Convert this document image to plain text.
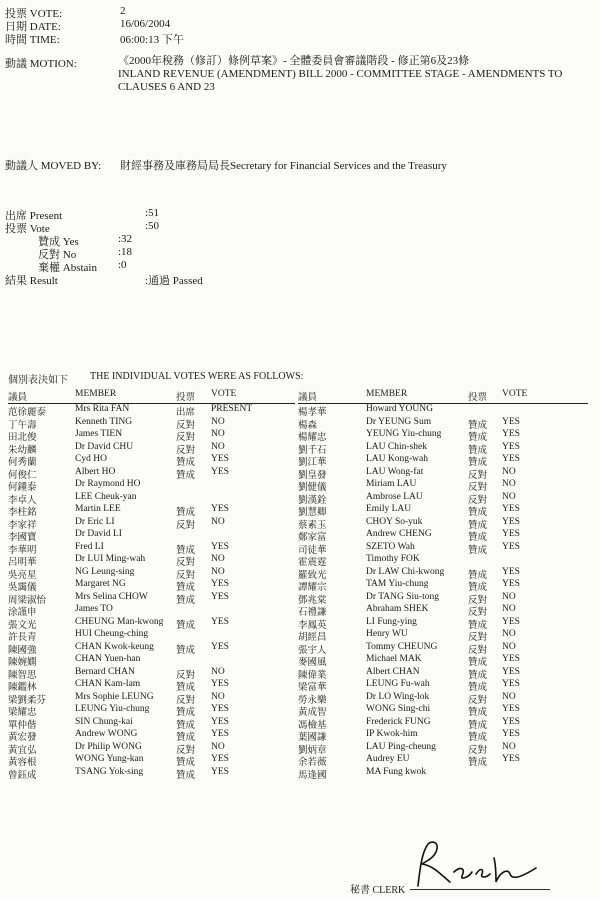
投票 VOTE:	2
日期 DATE:	16/06/2004
時間 TIME:	06:00:13 下午
動議 MOTION:	《2000年稅務（修訂）條例草案》- 全體委員會審議階段 - 修正第6及23條
INLAND REVENUE (AMENDMENT) BILL 2000 - COMMITTEE STAGE - AMENDMENTS TO CLAUSES 6 AND 23
動議人 MOVED BY: 財經事務及庫務局局長Secretary for Financial Services and the Treasury
出席 Present	:51
投票 Vote	:50
贊成 Yes	:32
反對 No	:18
棄權 Abstain :0
結果 Result	:通過 Passed
個別表決如下 THE INDIVIDUAL VOTES WERE AS FOLLOWS:
議員	MEMBER	投票 VOTE
范徐麗泰	Mrs Rita FAN	出席 PRESENT
丁午壽	Kenneth TING	反對 NO
田北俊	James TIEN	反對 NO
朱幼麟	Dr David CHU	反對 NO
何秀蘭	Cyd HO	贊成 YES
何俊仁	Albert HO	贊成 YES
何鍾泰	Dr Raymond HO
李卓人	LEE Cheuk-yan
李柱銘	Martin LEE	贊成 YES
李家祥	Dr Eric LI	反對 NO
李國寶	Dr David LI
李華明	Fred LI	贊成 YES
呂明華	Dr LUI Ming-wah	反對 NO
吳亮星	NG Leung-sing	反對 NO
吳靄儀	Margaret NG	贊成 YES
周梁淑怡	Mrs Selina CHOW	贊成 YES
涂謹申	James TO
張文光	CHEUNG Man-kwong 贊成 YES
許長青	HUI Cheung-ching
陳國強	CHAN Kwok-keung 贊成 YES
陳婉嫻	CHAN Yuen-han
陳智思	Bernard CHAN	反對 NO
陳鑑林	CHAN Kam-lam	贊成 YES
梁劉柔芬	Mrs Sophie LEUNG 反對 NO
梁耀忠	LEUNG Yiu-chung	贊成 YES
單仲偕	SIN Chung-kai	贊成 YES
黃宏發	Andrew WONG	贊成 YES
黃宜弘	Dr Philip WONG	反對 NO
黃容根	WONG Yung-kan	贊成 YES
曾鈺成	TSANG Yok-sing	贊成 YES
議員	MEMBER	投票 VOTE
楊孝華	Howard YOUNG
楊森	Dr YEUNG Sum	贊成 YES
楊耀忠	YEUNG Yiu-chung	贊成 YES
劉千石	LAU Chin-shek	贊成 YES
劉江華	LAU Kong-wah	贊成 YES
劉皇發	LAU Wong-fat	反對 NO
劉健儀	Miriam LAU	反對 NO
劉漢銓	Ambrose LAU	反對 NO
劉慧卿	Emily LAU	贊成 YES
蔡素玉	CHOY So-yuk	贊成 YES
鄭家富	Andrew CHENG	贊成 YES
司徒華	SZETO Wah	贊成 YES
霍震霆	Timothy FOK
羅致光	Dr LAW Chi-kwong	贊成 YES
譚耀宗	TAM Yiu-chung	贊成 YES
鄧兆棠	Dr TANG Siu-tong	反對 NO
石禮謙	Abraham SHEK	反對 NO
李鳳英	LI Fung-ying	贊成 YES
胡經昌	Henry WU	反對 NO
張宇人	Tommy CHEUNG	反對 NO
麥國風	Michael MAK	贊成 YES
陳偉業	Albert CHAN	贊成 YES
梁富華	LEUNG Fu-wah	贊成 YES
勞永樂	Dr LO Wing-lok	反對 NO
黃成智	WONG Sing-chi	贊成 YES
馮檢基	Frederick FUNG	贊成 YES
葉國謙	IP Kwok-him	贊成 YES
劉炳章	LAU Ping-cheung	反對 NO
余若薇	Audrey EU	贊成 YES
馬逢國	MA Fung kwok
秘書 CLERK
